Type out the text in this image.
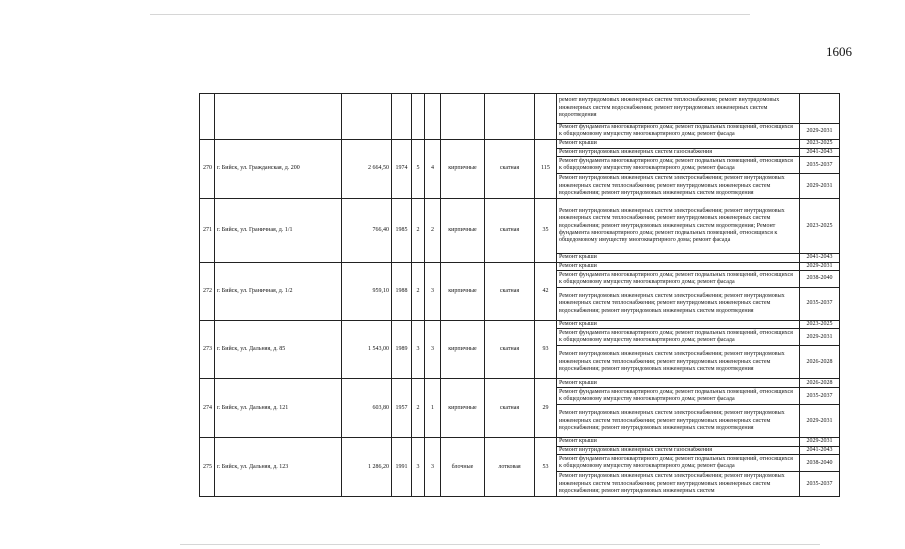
1606
									ремонт внутридомовых инженерных систем теплоснабжения; ремонт внутридомовых инженерных систем водоснабжения; ремонт внутридомовых инженерных систем водоотведения	
									Ремонт фундамента многоквартирного дома; ремонт подвальных помещений, относящихся к общедомовому имуществу многоквартирного дома; ремонт фасада	2029-2031
270	г. Бийск, ул. Гражданская, д. 200	2 664,50	1974	5	4	кирпичные	скатная	115	Ремонт крыши	2023-2025
									Ремонт внутридомовых инженерных систем газоснабжения	2041-2043
									Ремонт фундамента многоквартирного дома; ремонт подвальных помещений, относящихся к общедомовому имуществу многоквартирного дома; ремонт фасада	2035-2037
									Ремонт внутридомовых инженерных систем электроснабжения; ремонт внутридомовых инженерных систем теплоснабжения; ремонт внутридомовых инженерных систем водоснабжения; ремонт внутридомовых инженерных систем водоотведения	2029-2031
271	г. Бийск, ул. Граничная, д. 1/1	766,40	1985	2	2	кирпичные	скатная	35	Ремонт внутридомовых инженерных систем электроснабжения; ремонт внутридомовых инженерных систем теплоснабжения; ремонт внутридомовых инженерных систем водоснабжения; ремонт внутридомовых инженерных систем водоотведения; Ремонт фундамента многоквартирного дома; ремонт подвальных помещений, относящихся к общедомовому имуществу многоквартирного дома; ремонт фасада	2023-2025
									Ремонт крыши	2041-2043
272	г. Бийск, ул. Граничная, д. 1/2	959,10	1988	2	3	кирпичные	скатная	42	Ремонт крыши	2029-2031
									Ремонт фундамента многоквартирного дома; ремонт подвальных помещений, относящихся к общедомовому имуществу многоквартирного дома; ремонт фасада	2038-2040
									Ремонт внутридомовых инженерных систем электроснабжения; ремонт внутридомовых инженерных систем теплоснабжения; ремонт внутридомовых инженерных систем водоснабжения; ремонт внутридомовых инженерных систем водоотведения	2035-2037
273	г. Бийск, ул. Дальняя, д. 85	1 543,00	1989	3	3	кирпичные	скатная	93	Ремонт крыши	2023-2025
									Ремонт фундамента многоквартирного дома; ремонт подвальных помещений, относящихся к общедомовому имуществу многоквартирного дома; ремонт фасада	2029-2031
									Ремонт внутридомовых инженерных систем электроснабжения; ремонт внутридомовых инженерных систем теплоснабжения; ремонт внутридомовых инженерных систем водоснабжения; ремонт внутридомовых инженерных систем водоотведения	2026-2028
274	г. Бийск, ул. Дальняя, д. 121	603,80	1957	2	1	кирпичные	скатная	29	Ремонт крыши	2026-2028
									Ремонт фундамента многоквартирного дома; ремонт подвальных помещений, относящихся к общедомовому имуществу многоквартирного дома; ремонт фасада	2035-2037
									Ремонт внутридомовых инженерных систем электроснабжения; ремонт внутридомовых инженерных систем теплоснабжения; ремонт внутридомовых инженерных систем водоснабжения; ремонт внутридомовых инженерных систем водоотведения	2029-2031
275	г. Бийск, ул. Дальняя, д. 123	1 286,20	1991	3	3	блочные	лотковая	53	Ремонт крыши	2029-2031
									Ремонт внутридомовых инженерных систем газоснабжения	2041-2043
									Ремонт фундамента многоквартирного дома; ремонт подвальных помещений, относящихся к общедомовому имуществу многоквартирного дома; ремонт фасада	2038-2040
									Ремонт внутридомовых инженерных систем электроснабжения; ремонт внутридомовых инженерных систем теплоснабжения; ремонт внутридомовых инженерных систем водоснабжения; ремонт внутридомовых инженерных систем	2035-2037
